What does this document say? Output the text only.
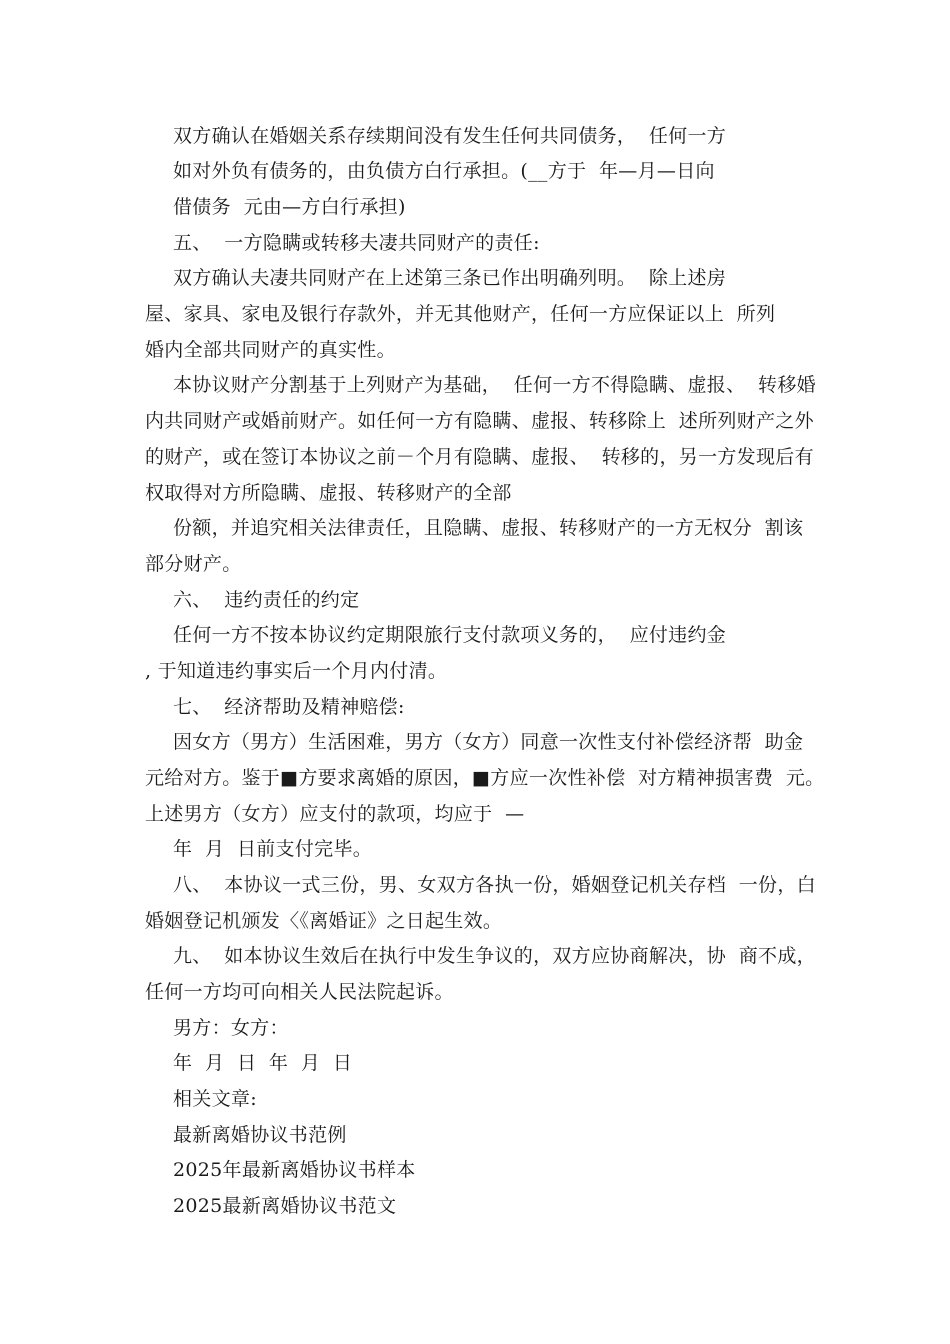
双方确认在婚姻关系存续期间没有发生任何共同债务，  任何一方
如对外负有债务的，由负债方白行承担。(__方于  年—月—日向
借债务  元由—方白行承担)
五、  一方隐瞒或转移夫凄共同财产的责任:
双方确认夫凄共同财产在上述第三条已作出明确列明。  除上述房
屋、家具、家电及银行存款外，并无其他财产，任何一方应保证以上  所列
婚内全部共同财产的真实性。
本协议财产分割基于上列财产为基础，  任何一方不得隐瞒、虚报、  转移婚
内共同财产或婚前财产。如任何一方有隐瞒、虚报、转移除上  述所列财产之外
的财产，或在签订本协议之前－个月有隐瞒、虚报、  转移的，另一方发现后有
权取得对方所隐瞒、虚报、转移财产的全部
份额，并追究相关法律责任，且隐瞒、虚报、转移财产的一方无权分  割该
部分财产。
六、  违约责任的约定
任何一方不按本协议约定期限旅行支付款项义务的，  应付违约金
, 于知道违约事实后一个月内付清。
七、  经济帮助及精神赔偿:
因女方（男方）生活困难，男方（女方）同意一次性支付补偿经济帮  助金
元给对方。鉴于■方要求离婚的原因，■方应一次性补偿  对方精神损害费  元。
上述男方（女方）应支付的款项，均应于  —
年  月  日前支付完毕。
八、  本协议一式三份，男、女双方各执一份，婚姻登记机关存档  一份，白
婚姻登记机颁发〈《离婚证》之日起生效。
九、  如本协议生效后在执行中发生争议的，双方应协商解决，协  商不成，
任何一方均可向相关人民法院起诉。
男方：女方：
年  月  日  年  月  日
相关文章:
最新离婚协议书范例
2025年最新离婚协议书样本
2025最新离婚协议书范文
